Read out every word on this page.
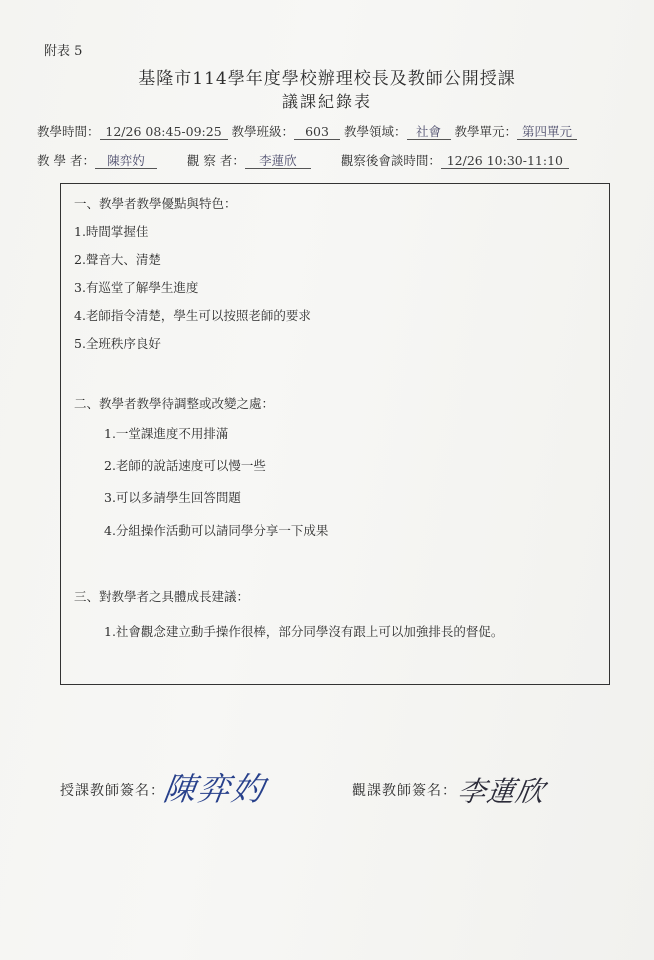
附表 5
基隆市114學年度學校辦理校長及教師公開授課
議課紀錄表
教學時間： 12/26 08:45-09:25 教學班級： 603 教學領域： 社會 教學單元： 第四單元
教 學 者： 陳弈妁	觀 察 者： 李蓮欣	觀察後會談時間： 12/26 10:30-11:10
一、教學者教學優點與特色：
1.時間掌握佳
2.聲音大、清楚
3.有巡堂了解學生進度
4.老師指令清楚，學生可以按照老師的要求
5.全班秩序良好
二、教學者教學待調整或改變之處：
1.一堂課進度不用排滿
2.老師的說話速度可以慢一些
3.可以多請學生回答問題
4.分組操作活動可以請同學分享一下成果
三、對教學者之具體成長建議：
1.社會觀念建立動手操作很棒，部分同學沒有跟上可以加強排長的督促。
授課教師簽名：
陳弈妁	觀課教師簽名：
李蓮欣
